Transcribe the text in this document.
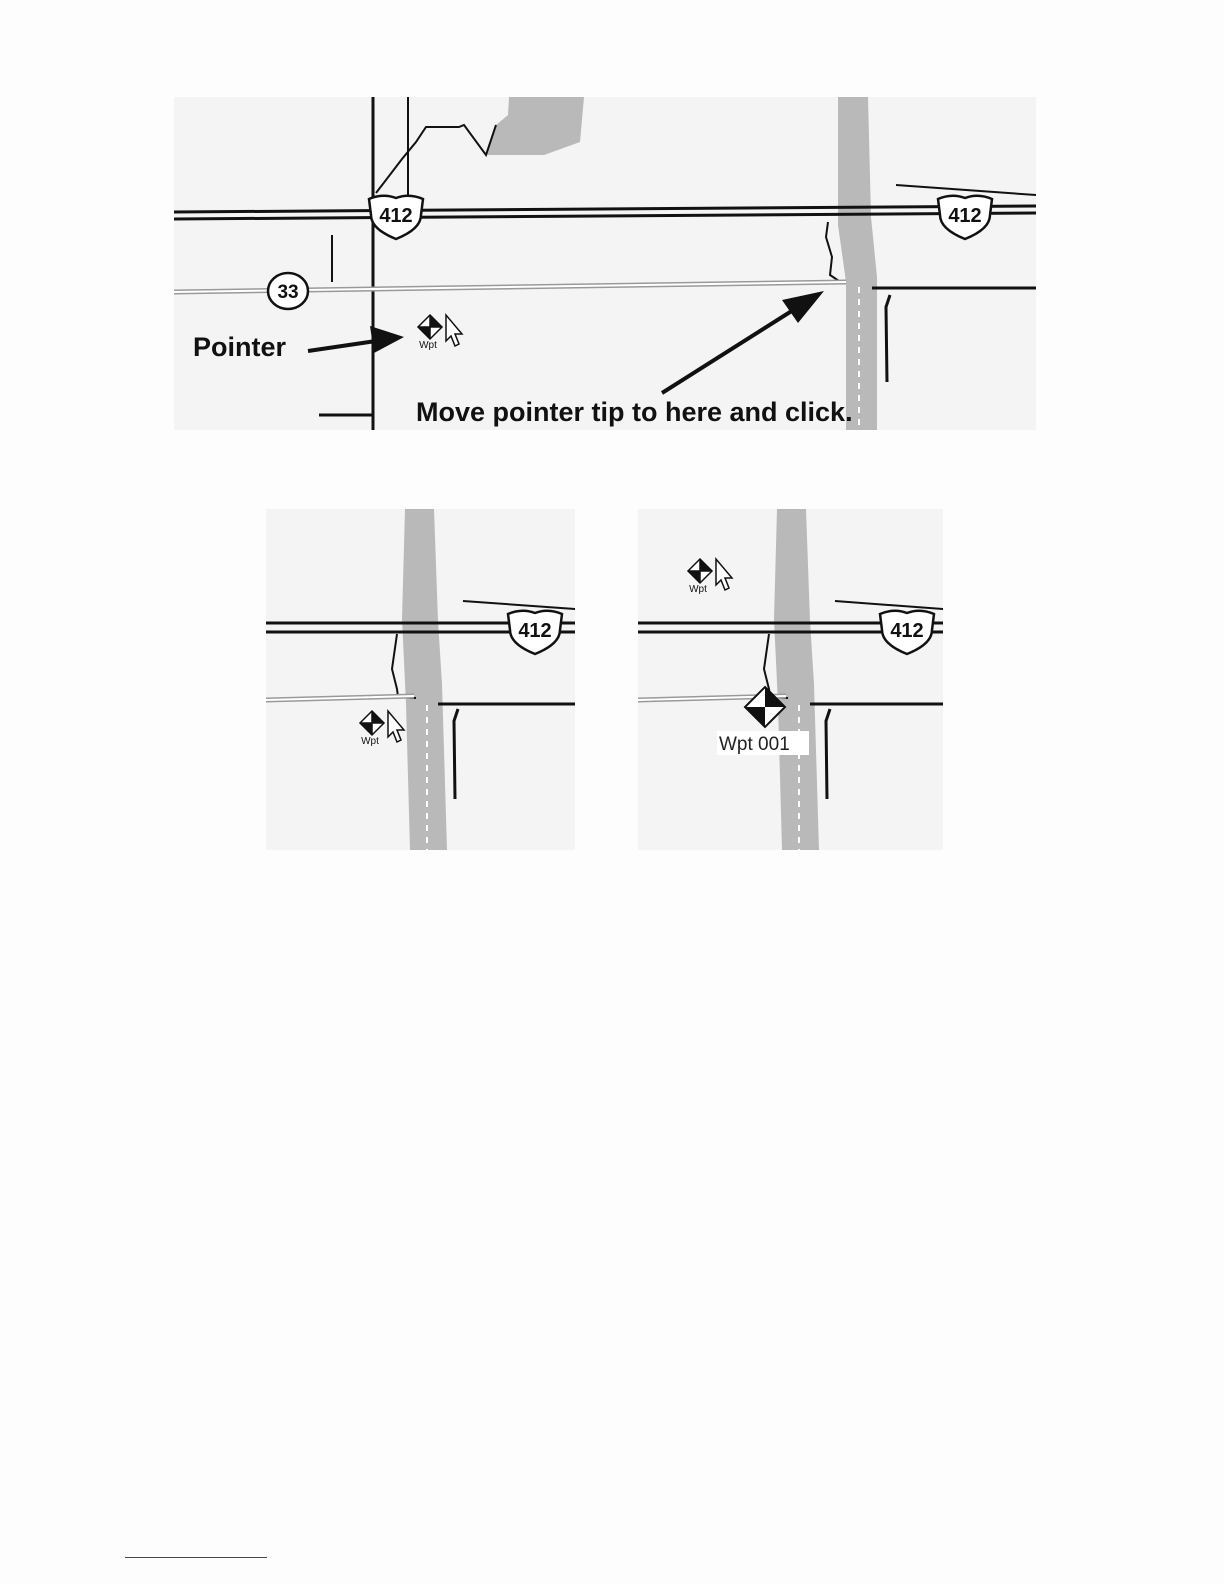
412	412
33
Wpt
Pointer
Move pointer tip to here and click.
412
Wpt
412
Wpt
Wpt 001
